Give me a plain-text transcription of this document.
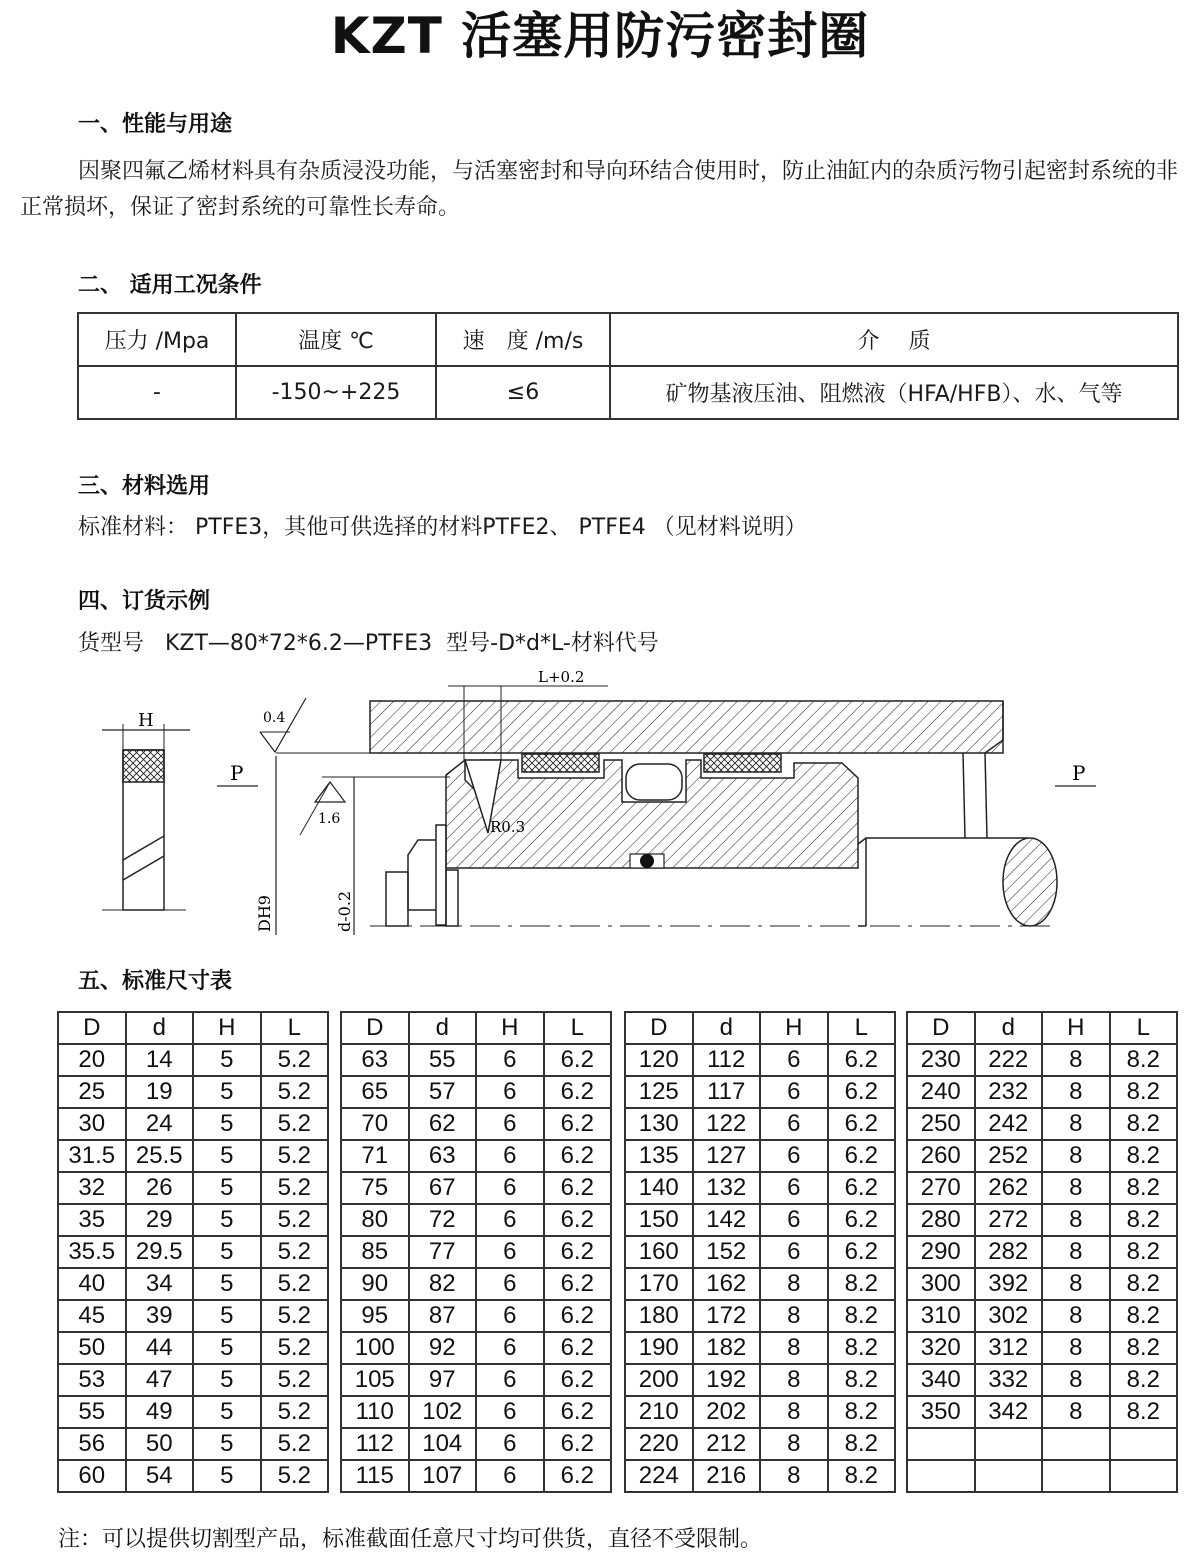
KZT 活塞用防污密封圈
一、性能与用途
因聚四氟乙烯材料具有杂质浸没功能，与活塞密封和导向环结合使用时，防止油缸内的杂质污物引起密封系统的非正常损坏，保证了密封系统的可靠性长寿命。
二、 适用工况条件
压力 /Mpa	温度 ℃	速　度 /m/s	介　 质
-	-150~+225	≤6	矿物基液压油、阻燃液（HFA/HFB）、水、气等
三、材料选用
标准材料： PTFE3，其他可供选择的材料PTFE2、 PTFE4 （见材料说明）
四、订货示例
货型号   KZT—80*72*6.2—PTFE3  型号-D*d*L-材料代号
H	0.4
1.6
P	P
DH9	d-0.2
L+0.2
R0.3
五、标准尺寸表
D	d	H	L
20	14	5	5.2
25	19	5	5.2
30	24	5	5.2
31.5	25.5	5	5.2
32	26	5	5.2
35	29	5	5.2
35.5	29.5	5	5.2
40	34	5	5.2
45	39	5	5.2
50	44	5	5.2
53	47	5	5.2
55	49	5	5.2
56	50	5	5.2
60	54	5	5.2
D	d	H	L
63	55	6	6.2
65	57	6	6.2
70	62	6	6.2
71	63	6	6.2
75	67	6	6.2
80	72	6	6.2
85	77	6	6.2
90	82	6	6.2
95	87	6	6.2
100	92	6	6.2
105	97	6	6.2
110	102	6	6.2
112	104	6	6.2
115	107	6	6.2
D	d	H	L
120	112	6	6.2
125	117	6	6.2
130	122	6	6.2
135	127	6	6.2
140	132	6	6.2
150	142	6	6.2
160	152	6	6.2
170	162	8	8.2
180	172	8	8.2
190	182	8	8.2
200	192	8	8.2
210	202	8	8.2
220	212	8	8.2
224	216	8	8.2
D	d	H	L
230	222	8	8.2
240	232	8	8.2
250	242	8	8.2
260	252	8	8.2
270	262	8	8.2
280	272	8	8.2
290	282	8	8.2
300	392	8	8.2
310	302	8	8.2
320	312	8	8.2
340	332	8	8.2
350	342	8	8.2

注：可以提供切割型产品，标准截面任意尺寸均可供货，直径不受限制。
